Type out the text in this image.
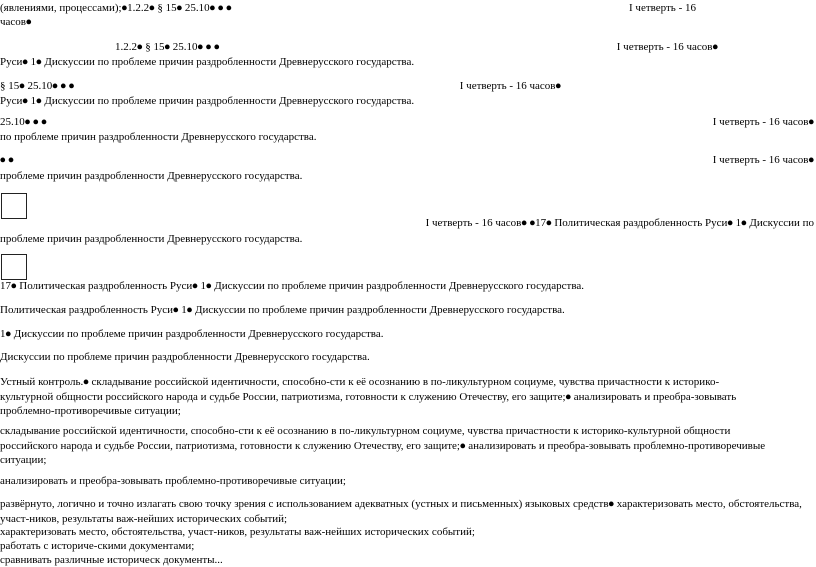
(явлениями, процессами);⦁1.2.2⦁ § 15⦁ 25.10⦁ ⦁ ⦁	I четверть - 16
часов⦁
1.2.2⦁ § 15⦁ 25.10⦁ ⦁ ⦁	I четверть - 16 часов⦁
Руси⦁ 1⦁ Дискуссии по проблеме причин раздробленности Древнерусского государства.
§ 15⦁ 25.10⦁ ⦁ ⦁	I четверть - 16 часов⦁
Руси⦁ 1⦁ Дискуссии по проблеме причин раздробленности Древнерусского государства.
25.10⦁ ⦁ ⦁	I четверть - 16 часов⦁
по проблеме причин раздробленности Древнерусского государства.
⦁ ⦁	I четверть - 16 часов⦁
проблеме причин раздробленности Древнерусского государства.
I четверть - 16 часов⦁ ⦁17⦁ Политическая раздробленность Руси⦁ 1⦁ Дискуссии по
проблеме причин раздробленности Древнерусского государства.
17⦁ Политическая раздробленность Руси⦁ 1⦁ Дискуссии по проблеме причин раздробленности Древнерусского государства.
Политическая раздробленность Руси⦁ 1⦁ Дискуссии по проблеме причин раздробленности Древнерусского государства.
1⦁ Дискуссии по проблеме причин раздробленности Древнерусского государства.
Дискуссии по проблеме причин раздробленности Древнерусского государства.
Устный контроль.⦁ складывание российской идентичности, способно-сти к её осознанию в по-ликультурном социуме, чувства причастности к историко-культурной общности российского народа и судьбе России, патриотизма, готовности к служению Отечеству, его защите;⦁ анализировать и преобра-зовывать проблемно-противоречивые ситуации;
складывание российской идентичности, способно-сти к её осознанию в по-ликультурном социуме, чувства причастности к историко-культурной общности российского народа и судьбе России, патриотизма, готовности к служению Отечеству, его защите;⦁ анализировать и преобра-зовывать проблемно-противоречивые ситуации;
анализировать и преобра-зовывать проблемно-противоречивые ситуации;
развёрнуто, логично и точно излагать свою точку зрения с использованием адекватных (устных и письменных) языковых средств⦁ характеризовать место, обстоятельства, участ-ников, результаты важ-нейших исторических событий;
характеризовать место, обстоятельства, участ-ников, результаты важ-нейших исторических событий;
работать с историче-скими документами;
сравнивать различные историческ документы...
